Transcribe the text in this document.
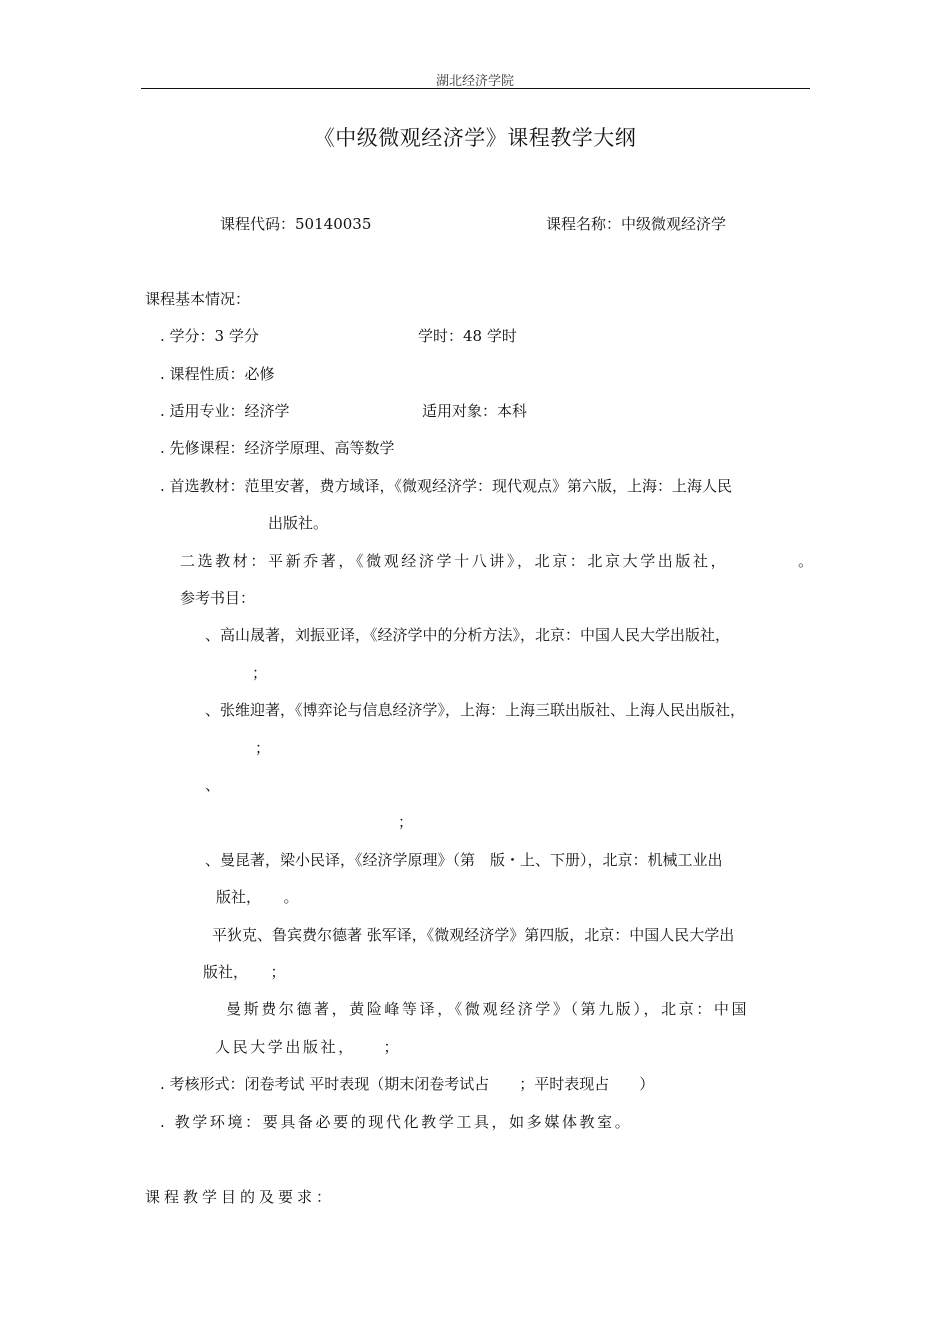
湖北经济学院
《中级微观经济学》课程教学大纲
课程代码：50140035	课程名称：中级微观经济学
课程基本情况：
. 学分：3 学分	学时：48 学时
. 课程性质：必修
. 适用专业：经济学	适用对象：本科
. 先修课程：经济学原理、高等数学
. 首选教材：范里安著，费方域译，《微观经济学：现代观点》第六版，上海：上海人民
出版社。
二选教材：平新乔著，《微观经济学十八讲》，北京：北京大学出版社，	。
参考书目：
、高山晟著，刘振亚译，《经济学中的分析方法》，北京：中国人民大学出版社，
；
、张维迎著，《博弈论与信息经济学》，上海：上海三联出版社、上海人民出版社，
；
、
；
、曼昆著，梁小民译，《经济学原理》（第　版・上、下册），北京：机械工业出
版社，　　。
平狄克、鲁宾费尔德著 张军译，《微观经济学》第四版，北京：中国人民大学出
版社，　　；
曼斯费尔德著，黄险峰等译，《微观经济学》（第九版），北京：中国
人民大学出版社，　　；
. 考核形式：闭卷考试 平时表现（期末闭卷考试占　　；平时表现占　　）
. 教学环境：要具备必要的现代化教学工具，如多媒体教室。
课程教学目的及要求：
